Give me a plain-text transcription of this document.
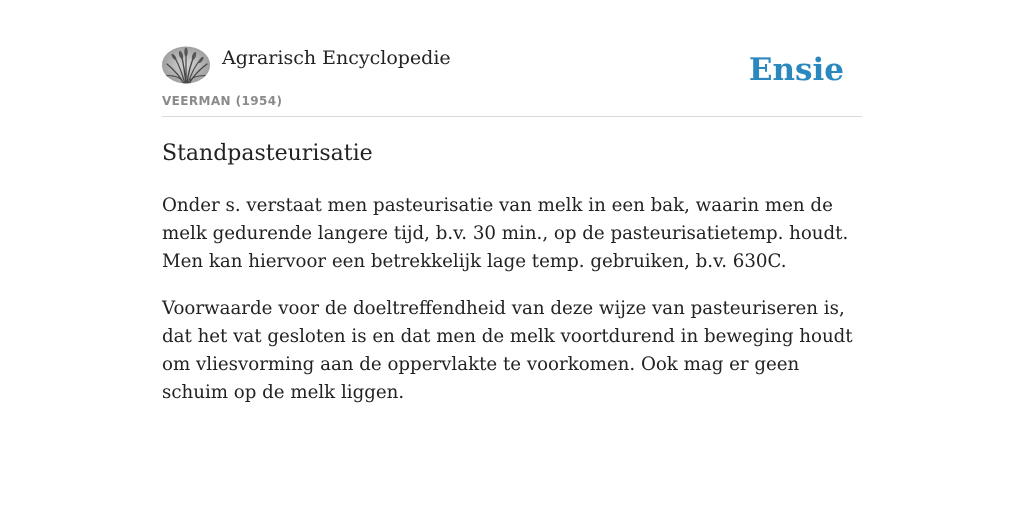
Agrarisch Encyclopedie
VEERMAN (1954)
Ensie
Standpasteurisatie

Onder s. verstaat men pasteurisatie van melk in een bak, waarin men de melk gedurende langere tijd, b.v. 30 min., op de pasteurisatietemp. houdt. Men kan hiervoor een betrekkelijk lage temp. gebruiken, b.v. 630C.

Voorwaarde voor de doeltreffendheid van deze wijze van pasteuriseren is, dat het vat gesloten is en dat men de melk voortdurend in beweging houdt om vliesvorming aan de oppervlakte te voorkomen. Ook mag er geen schuim op de melk liggen.
